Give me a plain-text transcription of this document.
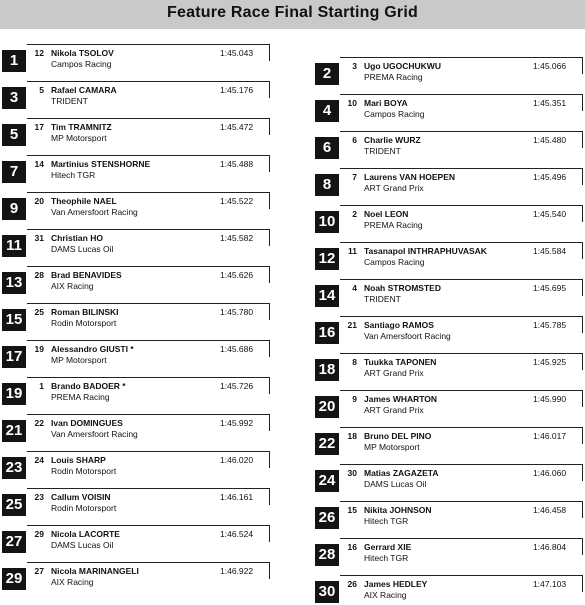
Feature Race Final Starting Grid
1	12 Nikola TSOLOV
Campos Racing
1:45.043
2	3 Ugo UGOCHUKWU
PREMA Racing
1:45.066
3	5 Rafael CAMARA
TRIDENT
1:45.176
4	10 Mari BOYA
Campos Racing
1:45.351
5	17 Tim TRAMNITZ
MP Motorsport
1:45.472
6	6 Charlie WURZ
TRIDENT
1:45.480
7	14 Martinius STENSHORNE
Hitech TGR
1:45.488
8	7 Laurens VAN HOEPEN
ART Grand Prix
1:45.496
9	20 Theophile NAEL
Van Amersfoort Racing
1:45.522
10	2 Noel LEON
PREMA Racing
1:45.540
11	31 Christian HO
DAMS Lucas Oil
1:45.582
12	11 Tasanapol INTHRAPHUVASAK
Campos Racing
1:45.584
13	28 Brad BENAVIDES
AIX Racing
1:45.626
14	4 Noah STROMSTED
TRIDENT
1:45.695
15	25 Roman BILINSKI
Rodin Motorsport
1:45.780
16	21 Santiago RAMOS
Van Amersfoort Racing
1:45.785
17	19 Alessandro GIUSTI *
MP Motorsport
1:45.686
18	8 Tuukka TAPONEN
ART Grand Prix
1:45.925
19	1 Brando BADOER *
PREMA Racing
1:45.726
20	9 James WHARTON
ART Grand Prix
1:45.990
21	22 Ivan DOMINGUES
Van Amersfoort Racing
1:45.992
22	18 Bruno DEL PINO
MP Motorsport
1:46.017
23	24 Louis SHARP
Rodin Motorsport
1:46.020
24	30 Matias ZAGAZETA
DAMS Lucas Oil
1:46.060
25	23 Callum VOISIN
Rodin Motorsport
1:46.161
26	15 Nikita JOHNSON
Hitech TGR
1:46.458
27	29 Nicola LACORTE
DAMS Lucas Oil
1:46.524
28	16 Gerrard XIE
Hitech TGR
1:46.804
29	27 Nicola MARINANGELI
AIX Racing
1:46.922
30	26 James HEDLEY
AIX Racing
1:47.103
